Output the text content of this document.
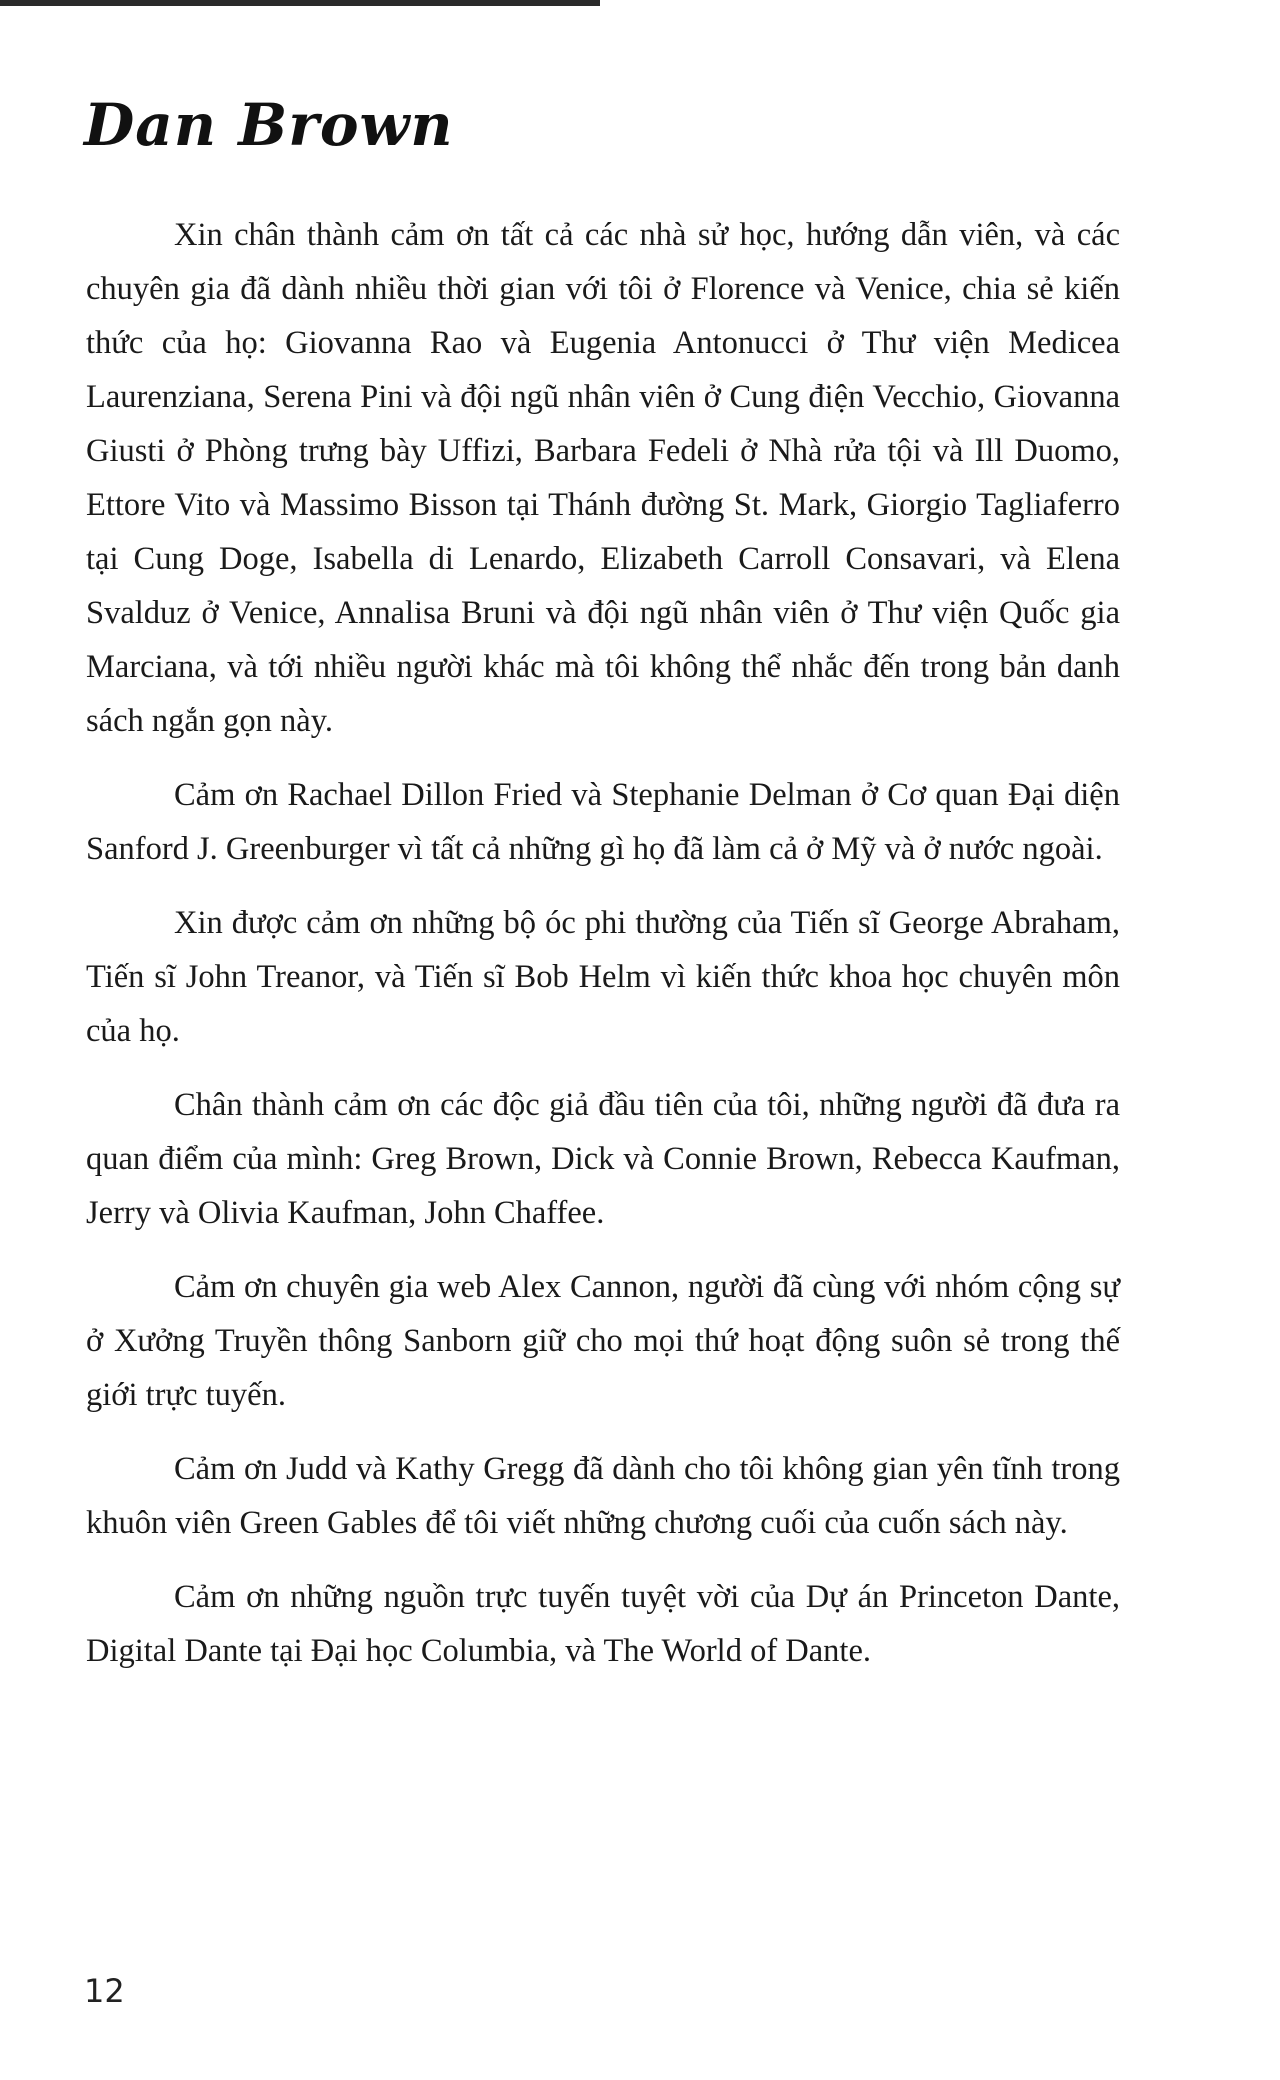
Dan Brown

Xin chân thành cảm ơn tất cả các nhà sử học, hướng dẫn viên, và các chuyên gia đã dành nhiều thời gian với tôi ở Florence và Venice, chia sẻ kiến thức của họ: Giovanna Rao và Eugenia Antonucci ở Thư viện Medicea Laurenziana, Serena Pini và đội ngũ nhân viên ở Cung điện Vecchio, Giovanna Giusti ở Phòng trưng bày Uffizi, Barbara Fedeli ở Nhà rửa tội và Ill Duomo, Ettore Vito và Massimo Bisson tại Thánh đường St. Mark, Giorgio Tagliaferro tại Cung Doge, Isabella di Lenardo, Elizabeth Carroll Consavari, và Elena Svalduz ở Venice, Annalisa Bruni và đội ngũ nhân viên ở Thư viện Quốc gia Marciana, và tới nhiều người khác mà tôi không thể nhắc đến trong bản danh sách ngắn gọn này.

Cảm ơn Rachael Dillon Fried và Stephanie Delman ở Cơ quan Đại diện Sanford J. Greenburger vì tất cả những gì họ đã làm cả ở Mỹ và ở nước ngoài.

Xin được cảm ơn những bộ óc phi thường của Tiến sĩ George Abraham, Tiến sĩ John Treanor, và Tiến sĩ Bob Helm vì kiến thức khoa học chuyên môn của họ.

Chân thành cảm ơn các độc giả đầu tiên của tôi, những người đã đưa ra quan điểm của mình: Greg Brown, Dick và Connie Brown, Rebecca Kaufman, Jerry và Olivia Kaufman, John Chaffee.

Cảm ơn chuyên gia web Alex Cannon, người đã cùng với nhóm cộng sự ở Xưởng Truyền thông Sanborn giữ cho mọi thứ hoạt động suôn sẻ trong thế giới trực tuyến.

Cảm ơn Judd và Kathy Gregg đã dành cho tôi không gian yên tĩnh trong khuôn viên Green Gables để tôi viết những chương cuối của cuốn sách này.

Cảm ơn những nguồn trực tuyến tuyệt vời của Dự án Princeton Dante, Digital Dante tại Đại học Columbia, và The World of Dante.

12
